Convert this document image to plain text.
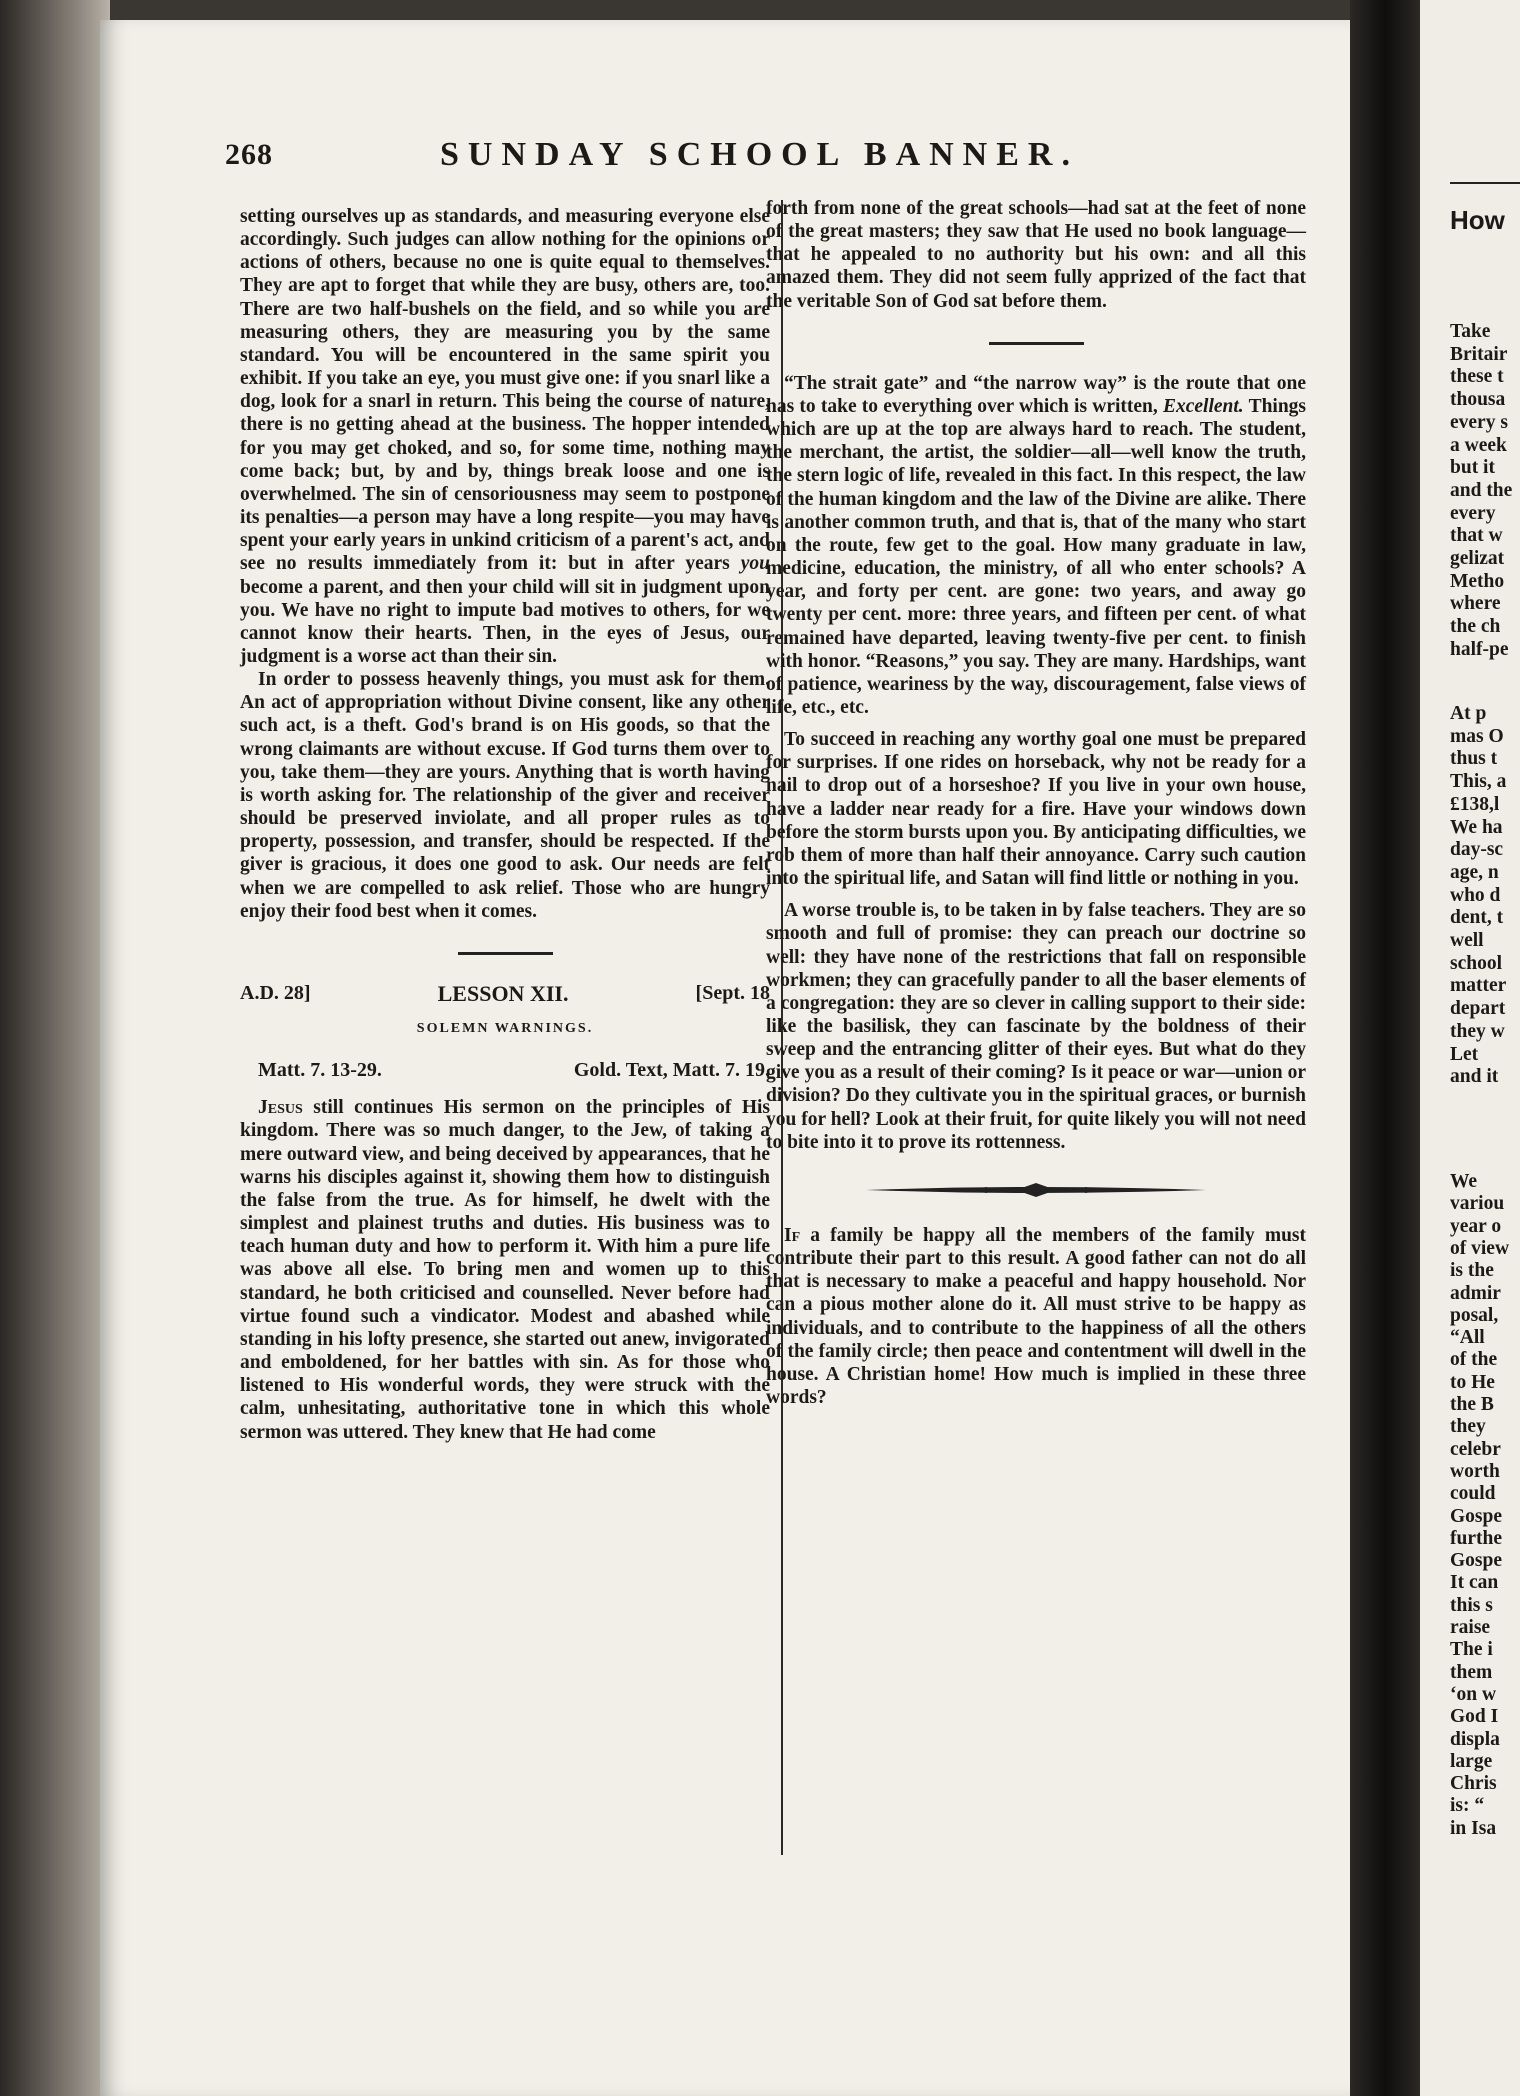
How
Take
Britair
these t
thousa
every s
a week
but it
and the
every
that w
gelizat
Metho
where
the ch
half-pe
At p
mas O
thus t
This, a
£138,l
We ha
day-sc
age, n
who d
dent, t
well
school
matter
depart
they w
Let
and it
We
variou
year o
of view
is the
admir
posal,
“All
of the
to He
the B
they
celebr
worth
could
Gospe
furthe
Gospe
It can
this s
raise
The i
them
‘on w
God I
displa
large
Chris
is: “
in Isa
268	SUNDAY SCHOOL BANNER.

setting ourselves up as standards, and measuring everyone else accordingly. Such judges can allow nothing for the opinions or actions of others, because no one is quite equal to themselves. They are apt to forget that while they are busy, others are, too. There are two half-bushels on the field, and so while you are measuring others, they are measuring you by the same standard. You will be encountered in the same spirit you exhibit. If you take an eye, you must give one: if you snarl like a dog, look for a snarl in return. This being the course of nature, there is no getting ahead at the business. The hopper intended for you may get choked, and so, for some time, nothing may come back; but, by and by, things break loose and one is overwhelmed. The sin of censoriousness may seem to postpone its penalties—a person may have a long respite—you may have spent your early years in unkind criticism of a parent's act, and see no results immediately from it: but in after years you become a parent, and then your child will sit in judgment upon you. We have no right to impute bad motives to others, for we cannot know their hearts. Then, in the eyes of Jesus, our judgment is a worse act than their sin.

In order to possess heavenly things, you must ask for them. An act of appropriation without Divine consent, like any other such act, is a theft. God's brand is on His goods, so that the wrong claimants are without excuse. If God turns them over to you, take them—they are yours. Anything that is worth having is worth asking for. The relationship of the giver and receiver should be preserved inviolate, and all proper rules as to property, possession, and transfer, should be respected. If the giver is gracious, it does one good to ask. Our needs are felt when we are compelled to ask relief. Those who are hungry enjoy their food best when it comes.

A.D. 28]	LESSON XII.	[Sept. 18
SOLEMN WARNINGS.
Matt. 7. 13-29.	Gold. Text, Matt. 7. 19.

Jesus still continues His sermon on the principles of His kingdom. There was so much danger, to the Jew, of taking a mere outward view, and being deceived by appearances, that he warns his disciples against it, showing them how to distinguish the false from the true. As for himself, he dwelt with the simplest and plainest truths and duties. His business was to teach human duty and how to perform it. With him a pure life was above all else. To bring men and women up to this standard, he both criticised and counselled. Never before had virtue found such a vindicator. Modest and abashed while standing in his lofty presence, she started out anew, invigorated and emboldened, for her battles with sin. As for those who listened to His wonderful words, they were struck with the calm, unhesitating, authoritative tone in which this whole sermon was uttered. They knew that He had come

forth from none of the great schools—had sat at the feet of none of the great masters; they saw that He used no book language—that he appealed to no authority but his own: and all this amazed them. They did not seem fully apprized of the fact that the veritable Son of God sat before them.

“The strait gate” and “the narrow way” is the route that one has to take to everything over which is written, Excellent. Things which are up at the top are always hard to reach. The student, the merchant, the artist, the soldier—all—well know the truth, the stern logic of life, revealed in this fact. In this respect, the law of the human kingdom and the law of the Divine are alike. There is another common truth, and that is, that of the many who start on the route, few get to the goal. How many graduate in law, medicine, education, the ministry, of all who enter schools? A year, and forty per cent. are gone: two years, and away go twenty per cent. more: three years, and fifteen per cent. of what remained have departed, leaving twenty-five per cent. to finish with honor. “Reasons,” you say. They are many. Hardships, want of patience, weariness by the way, discouragement, false views of life, etc., etc.

To succeed in reaching any worthy goal one must be prepared for surprises. If one rides on horseback, why not be ready for a nail to drop out of a horseshoe? If you live in your own house, have a ladder near ready for a fire. Have your windows down before the storm bursts upon you. By anticipating difficulties, we rob them of more than half their annoyance. Carry such caution into the spiritual life, and Satan will find little or nothing in you.

A worse trouble is, to be taken in by false teachers. They are so smooth and full of promise: they can preach our doctrine so well: they have none of the restrictions that fall on responsible workmen; they can gracefully pander to all the baser elements of a congregation: they are so clever in calling support to their side: like the basilisk, they can fascinate by the boldness of their sweep and the entrancing glitter of their eyes. But what do they give you as a result of their coming? Is it peace or war—union or division? Do they cultivate you in the spiritual graces, or burnish you for hell? Look at their fruit, for quite likely you will not need to bite into it to prove its rottenness.

If a family be happy all the members of the family must contribute their part to this result. A good father can not do all that is necessary to make a peaceful and happy household. Nor can a pious mother alone do it. All must strive to be happy as individuals, and to contribute to the happiness of all the others of the family circle; then peace and contentment will dwell in the house. A Christian home! How much is implied in these three words?
